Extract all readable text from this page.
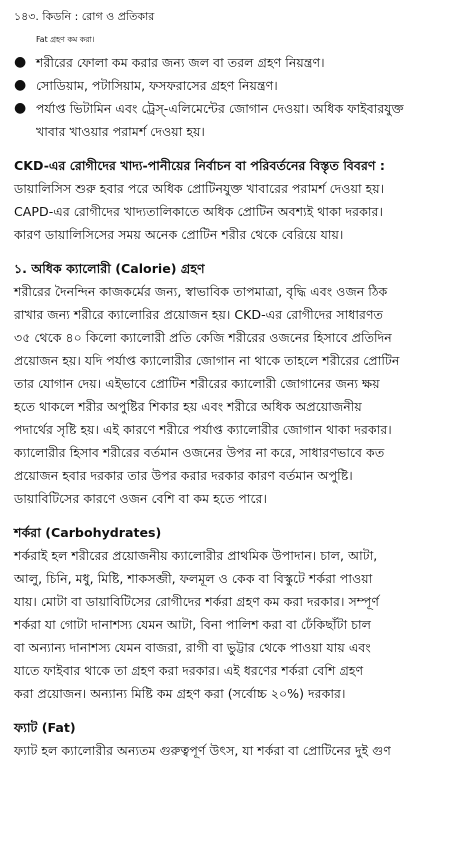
১৪৩. কিডনি : রোগ ও প্রতিকার
Fat গ্রহণ কম করা।
● শরীরের ফোলা কম করার জন্য জল বা তরল গ্রহণ নিয়ন্ত্রণ।
● সোডিয়াম, পটাসিয়াম, ফসফরাসের গ্রহণ নিয়ন্ত্রণ।
● পর্যাপ্ত ভিটামিন এবং ট্রেস্-এলিমেন্টের জোগান দেওয়া। অধিক ফাইবারযুক্ত
খাবার খাওয়ার পরামর্শ দেওয়া হয়।
CKD-এর রোগীদের খাদ্য-পানীয়ের নির্বাচন বা পরিবর্তনের বিস্তৃত বিবরণ :
ডায়ালিসিস শুরু হবার পরে অধিক প্রোটিনযুক্ত খাবারের পরামর্শ দেওয়া হয়।
CAPD-এর রোগীদের খাদ্যতালিকাতে অধিক প্রোটিন অবশ্যই থাকা দরকার।
কারণ ডায়ালিসিসের সময় অনেক প্রোটিন শরীর থেকে বেরিয়ে যায়।
১. অধিক ক্যালোরী (Calorie) গ্রহণ
শরীরের দৈনন্দিন কাজকর্মের জন্য, স্বাভাবিক তাপমাত্রা, বৃদ্ধি এবং ওজন ঠিক
রাখার জন্য শরীরে ক্যালোরির প্রয়োজন হয়। CKD-এর রোগীদের সাধারণত
৩৫ থেকে ৪০ কিলো ক্যালোরী প্রতি কেজি শরীরের ওজনের হিসাবে প্রতিদিন
প্রয়োজন হয়। যদি পর্যাপ্ত ক্যালোরীর জোগান না থাকে তাহলে শরীরের প্রোটিন
তার যোগান দেয়। এইভাবে প্রোটিন শরীরের ক্যালোরী জোগানের জন্য ক্ষয়
হতে থাকলে শরীর অপুষ্টির শিকার হয় এবং শরীরে অধিক অপ্রয়োজনীয়
পদার্থের সৃষ্টি হয়। এই কারণে শরীরে পর্যাপ্ত ক্যালোরীর জোগান থাকা দরকার।
ক্যালোরীর হিসাব শরীরের বর্তমান ওজনের উপর না করে, সাধারণভাবে কত
প্রয়োজন হবার দরকার তার উপর করার দরকার কারণ বর্তমান অপুষ্টি।
ডায়াবিটিসের কারণে ওজন বেশি বা কম হতে পারে।
শর্করা (Carbohydrates)
শর্করাই হল শরীরের প্রয়োজনীয় ক্যালোরীর প্রাথমিক উপাদান। চাল, আটা,
আলু, চিনি, মধু, মিষ্টি, শাকসব্জী, ফলমূল ও কেক বা বিস্কুটে শর্করা পাওয়া
যায়। মোটা বা ডায়াবিটিসের রোগীদের শর্করা গ্রহণ কম করা দরকার। সম্পূর্ণ
শর্করা যা গোটা দানাশস্য যেমন আটা, বিনা পালিশ করা বা ঢেঁকিছাঁটা চাল
বা অন্যান্য দানাশস্য যেমন বাজরা, রাগী বা ভুট্টার থেকে পাওয়া যায় এবং
যাতে ফাইবার থাকে তা গ্রহণ করা দরকার। এই ধরণের শর্করা বেশি গ্রহণ
করা প্রয়োজন। অন্যান্য মিষ্টি কম গ্রহণ করা (সর্বোচ্চ ২০%) দরকার।
ফ্যাট (Fat)
ফ্যাট হল ক্যালোরীর অন্যতম গুরুত্বপূর্ণ উৎস, যা শর্করা বা প্রোটিনের দুই গুণ
